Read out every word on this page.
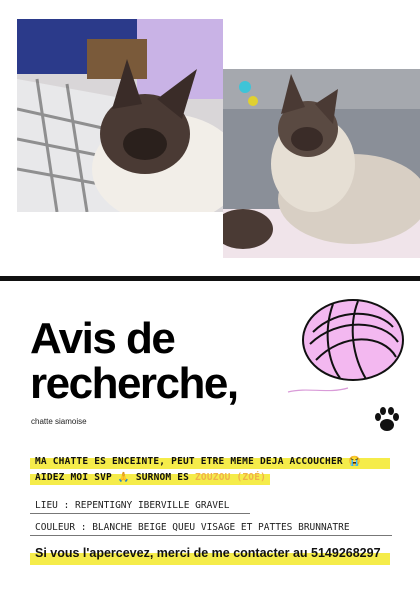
Avis de
recherche,
chatte siamoise
MA CHATTE ES ENCEINTE, PEUT ETRE MEME DEJA ACCOUCHER 😭
AIDEZ MOI SVP 🙏 SURNOM ES ZOUZOU (ZOÉ)
LIEU : REPENTIGNY IBERVILLE GRAVEL
COULEUR : BLANCHE BEIGE QUEU VISAGE ET PATTES BRUNNATRE
Si vous l'apercevez, merci de me contacter au 5149268297
